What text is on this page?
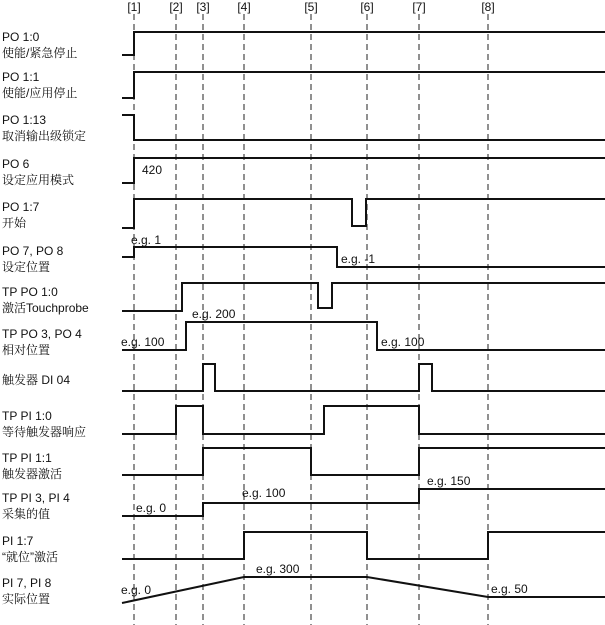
[1] [2] [3] [4]	[5]	[6]	[7]	[8]
PO 1:0
使能/紧急停止
PO 1:1
使能/应用停止
PO 1:13
取消输出级锁定
PO 6
设定应用模式
PO 1:7
开始
PO 7, PO 8
设定位置
TP PO 1:0
激活Touchprobe
TP PO 3, PO 4
相对位置
触发器 DI 04
TP PI 1:0
等待触发器响应
TP PI 1:1
触发器激活
TP PI 3, PI 4
采集的值
PI 1:7
“就位”激活
PI 7, PI 8
实际位置
420
e.g. 1
e.g. -1
e.g. 100
e.g. 200
e.g. 100
e.g. 0
e.g. 100
e.g. 150
e.g. 0
e.g. 300
e.g. 50
